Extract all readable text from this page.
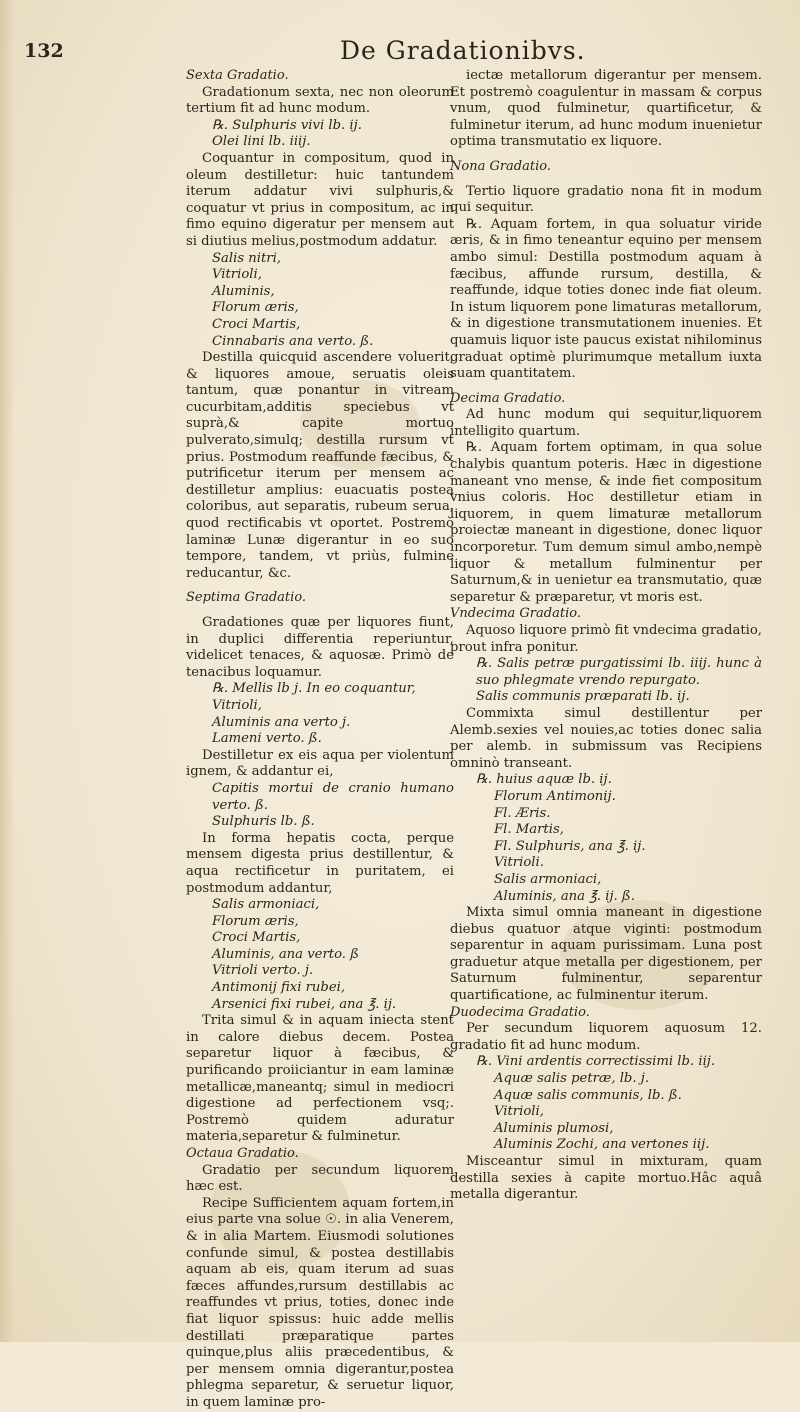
132	De Gradationibvs.

Sexta Gradatio.

Gradationum sexta, nec non oleorum tertium fit ad hunc modum.

℞. Sulphuris vivi lb. ij.

Olei lini lb. iiij.

Coquantur in compositum, quod in oleum destilletur: huic tantundem iterum addatur vivi sulphuris,& coquatur vt prius in compositum, ac in fimo equino digeratur per mensem aut si diutius melius,postmodum addatur.

Salis nitri,

Vitrioli,

Aluminis,

Florum æris,

Croci Martis,

Cinnabaris ana verto. ß.

Destilla quicquid ascendere voluerit, & liquores amoue, seruatis oleis tantum, quæ ponantur in vitream cucurbitam,additis speciebus vt suprà,& capite mortuo pulverato,simulq; destilla rursum vt prius. Postmodum reaffunde fæcibus, & putrificetur iterum per mensem ac destilletur amplius: euacuatis postea coloribus, aut separatis, rubeum serua, quod rectificabis vt oportet. Postremò laminæ Lunæ digerantur in eo suo tempore, tandem, vt priùs, fulmine reducantur, &c.

Septima Gradatio.

Gradationes quæ per liquores fiunt, in duplici differentia reperiuntur, videlicet tenaces, & aquosæ. Primò de tenacibus loquamur.

℞. Mellis lb j. In eo coquantur,

Vitrioli,

Aluminis ana verto j.

Lameni verto. ß.

Destilletur ex eis aqua per violentum ignem, & addantur ei,

Capitis mortui de cranio humano verto. ß.

Sulphuris lb. ß.

In forma hepatis cocta, perque mensem digesta prius destillentur, & aqua rectificetur in puritatem, ei postmodum addantur,

Salis armoniaci,

Florum æris,

Croci Martis,

Aluminis, ana verto. ß

Vitrioli verto. j.

Antimonij fixi rubei,

Arsenici fixi rubei, ana ℥. ij.

Trita simul & in aquam iniecta stent in calore diebus decem. Postea separetur liquor à fæcibus, & purificando proiiciantur in eam laminæ metallicæ,maneantq; simul in mediocri digestione ad perfectionem vsq;. Postremò quidem aduratur materia,separetur & fulminetur.

Octaua Gradatio.

Gradatio per secundum liquorem hæc est.

Recipe Sufficientem aquam fortem,in eius parte vna solue ☉. in alia Venerem, & in alia Martem. Eiusmodi solutiones confunde simul, & postea destillabis aquam ab eis, quam iterum ad suas fæces affundes,rursum destillabis ac reaffundes vt prius, toties, donec inde fiat liquor spissus: huic adde mellis destillati præparatique partes quinque,plus aliis præcedentibus, & per mensem omnia digerantur,postea phlegma separetur, & seruetur liquor, in quem laminæ pro-

iectæ metallorum digerantur per mensem. Et postremò coagulentur in massam & corpus vnum, quod fulminetur, quartificetur, & fulminetur iterum, ad hunc modum inuenietur optima transmutatio ex liquore.

Nona Gradatio.

Tertio liquore gradatio nona fit in modum qui sequitur.

℞. Aquam fortem, in qua soluatur viride æris, & in fimo teneantur equino per mensem ambo simul: Destilla postmodum aquam à fæcibus, affunde rursum, destilla, & reaffunde, idque toties donec inde fiat oleum. In istum liquorem pone limaturas metallorum, & in digestione transmutationem inuenies. Et quamuis liquor iste paucus existat nihilominus graduat optimè plurimumque metallum iuxta suam quantitatem.

Decima Gradatio.

Ad hunc modum qui sequitur,liquorem intelligito quartum.

℞. Aquam fortem optimam, in qua solue chalybis quantum poteris. Hæc in digestione maneant vno mense, & inde fiet compositum vnius coloris. Hoc destilletur etiam in liquorem, in quem limaturæ metallorum proiectæ maneant in digestione, donec liquor incorporetur. Tum demum simul ambo,nempè liquor & metallum fulminentur per Saturnum,& in uenietur ea transmutatio, quæ separetur & præparetur, vt moris est.

Vndecima Gradatio.

Aquoso liquore primò fit vndecima gradatio, prout infra ponitur.

℞. Salis petræ purgatissimi lb. iiij. hunc à suo phlegmate vrendo repurgato.

Salis communis præparati lb. ij.

Commixta simul destillentur per Alemb.sexies vel nouies,ac toties donec salia per alemb. in submissum vas Recipiens omninò transeant.

℞. huius aquæ lb. ij.

Florum Antimonij.

Fl. Æris.

Fl. Martis,

Fl. Sulphuris, ana ℥. ij.

Vitrioli.

Salis armoniaci,

Aluminis, ana ℥. ij. ß.

Mixta simul omnia maneant in digestione diebus quatuor atque viginti: postmodum separentur in aquam purissimam. Luna post graduetur atque metalla per digestionem, per Saturnum fulminentur, separentur quartificatione, ac fulminentur iterum.

Duodecima Gradatio.

Per secundum liquorem aquosum 12. gradatio fit ad hunc modum.

℞. Vini ardentis correctissimi lb. iij.

Aquæ salis petræ, lb. j.

Aquæ salis communis, lb. ß.

Vitrioli,

Aluminis plumosi,

Aluminis Zochi, ana vertones iij.

Misceantur simul in mixturam, quam destilla sexies à capite mortuo.Hâc aquâ metalla digerantur.
